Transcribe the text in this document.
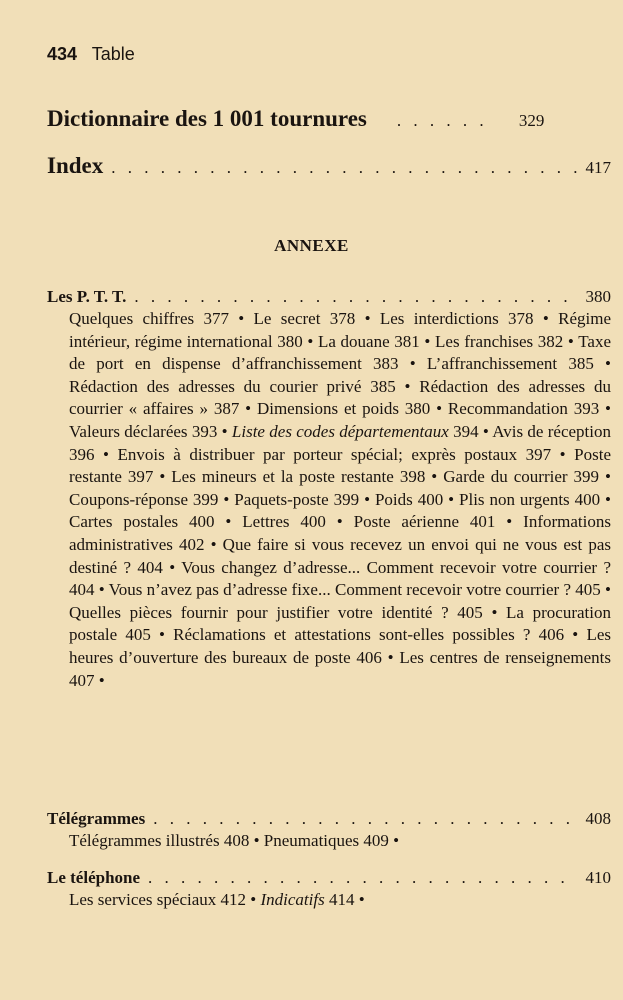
434 Table
Dictionnaire des 1 001 tournures . . .	329
Index . . .	417
ANNEXE
Les P. T. T. . . .	380

Quelques chiffres 377 • Le secret 378 • Les interdictions 378 • Régime intérieur, régime international 380 • La douane 381 • Les franchises 382 • Taxe de port en dispense d’affranchissement 383 • L’affranchissement 385 • Rédaction des adresses du courier privé 385 • Rédaction des adresses du courrier « affaires » 387 • Dimensions et poids 380 • Recommandation 393 • Valeurs déclarées 393 • Liste des codes départementaux 394 • Avis de réception 396 • Envois à distribuer par porteur spécial; exprès postaux 397 • Poste restante 397 • Les mineurs et la poste restante 398 • Garde du courrier 399 • Coupons-réponse 399 • Paquets-poste 399 • Poids 400 • Plis non urgents 400 • Cartes postales 400 • Lettres 400 • Poste aérienne 401 • Informations administratives 402 • Que faire si vous recevez un envoi qui ne vous est pas destiné ? 404 • Vous changez d’adresse... Comment recevoir votre courrier ? 404 • Vous n’avez pas d’adresse fixe... Comment recevoir votre courrier ? 405 • Quelles pièces fournir pour justifier votre identité ? 405 • La procuration postale 405 • Réclamations et attestations sont-elles possibles ? 406 • Les heures d’ouverture des bureaux de poste 406 • Les centres de renseignements 407 •

Télégrammes . . .	408

Télégrammes illustrés 408 • Pneumatiques 409 •

Le téléphone . . .	410

Les services spéciaux 412 • Indicatifs 414 •
